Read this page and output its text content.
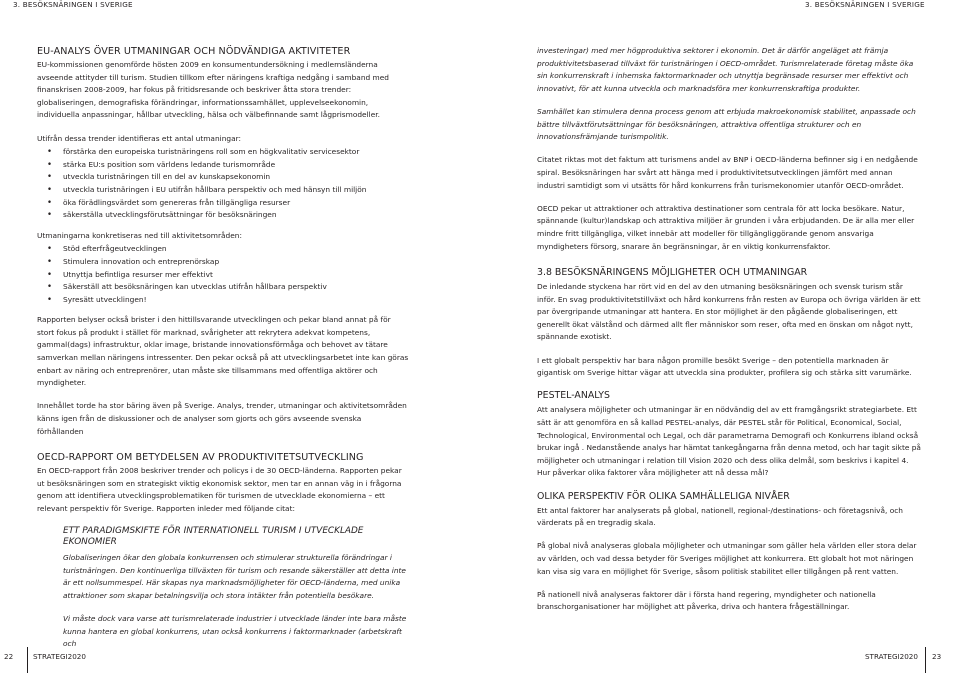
3. BESÖKSNÄRINGEN I SVERIGE	3. BESÖKSNÄRINGEN I SVERIGE
EU-ANALYS ÖVER UTMANINGAR OCH NÖDVÄNDIGA AKTIVITETER

EU-kommissionen genomförde hösten 2009 en konsumentundersökning i medlemsländerna avseende attityder till turism. Studien tillkom efter näringens kraftiga nedgång i samband med finanskrisen 2008-2009, har fokus på fritidsresande och beskriver åtta stora trender: globaliseringen, demografiska förändringar, informationssamhället, upplevelseekonomin, individuella anpassningar, hållbar utveckling, hälsa och välbefinnande samt lågprismodeller.

Utifrån dessa trender identifieras ett antal utmaningar:

• förstärka den europeiska turistnäringens roll som en högkvalitativ servicesektor
• stärka EU:s position som världens ledande turismområde
• utveckla turistnäringen till en del av kunskapsekonomin
• utveckla turistnäringen i EU utifrån hållbara perspektiv och med hänsyn till miljön
• öka förädlingsvärdet som genereras från tillgängliga resurser
• säkerställa utvecklingsförutsättningar för besöksnäringen

Utmaningarna konkretiseras ned till aktivitetsområden:

• Stöd efterfrågeutvecklingen
• Stimulera innovation och entreprenörskap
• Utnyttja befintliga resurser mer effektivt
• Säkerställ att besöksnäringen kan utvecklas utifrån hållbara perspektiv
• Syresätt utvecklingen!

Rapporten belyser också brister i den hittillsvarande utvecklingen och pekar bland annat på för stort fokus på produkt i stället för marknad, svårigheter att rekrytera adekvat kompetens, gammal(dags) infrastruktur, oklar image, bristande innovationsförmåga och behovet av tätare samverkan mellan näringens intressenter. Den pekar också på att utvecklingsarbetet inte kan göras enbart av näring och entreprenörer, utan måste ske tillsammans med offentliga aktörer och myndigheter.

Innehållet torde ha stor bäring även på Sverige. Analys, trender, utmaningar och aktivitetsområden känns igen från de diskussioner och de analyser som gjorts och görs avseende svenska förhållanden

OECD-RAPPORT OM BETYDELSEN AV PRODUKTIVITETSUTVECKLING

En OECD-rapport från 2008 beskriver trender och policys i de 30 OECD-länderna. Rapporten pekar ut besöksnäringen som en strategiskt viktig ekonomisk sektor, men tar en annan väg in i frågorna genom att identifiera utvecklingsproblematiken för turismen de utvecklade ekonomierna – ett relevant perspektiv för Sverige. Rapporten inleder med följande citat:

ETT PARADIGMSKIFTE FÖR INTERNATIONELL TURISM I UTVECKLADE EKONOMIER

Globaliseringen ökar den globala konkurrensen och stimulerar strukturella förändringar i turistnäringen. Den kontinuerliga tillväxten för turism och resande säkerställer att detta inte är ett nollsummespel. Här skapas nya marknadsmöjligheter för OECD-länderna, med unika attraktioner som skapar betalningsvilja och stora intäkter från potentiella besökare.

Vi måste dock vara varse att turismrelaterade industrier i utvecklade länder inte bara måste kunna hantera en global konkurrens, utan också konkurrens i faktormarknader (arbetskraft och

investeringar) med mer högproduktiva sektorer i ekonomin. Det är därför angeläget att främja produktivitetsbaserad tillväxt för turistnäringen i OECD-området. Turismrelaterade företag måste öka sin konkurrenskraft i inhemska faktormarknader och utnyttja begränsade resurser mer effektivt och innovativt, för att kunna utveckla och marknadsföra mer konkurrenskraftiga produkter.

Samhället kan stimulera denna process genom att erbjuda makroekonomisk stabilitet, anpassade och bättre tillväxtförutsättningar för besöksnäringen, attraktiva offentliga strukturer och en innovationsfrämjande turismpolitik.

Citatet riktas mot det faktum att turismens andel av BNP i OECD-länderna befinner sig i en nedgående spiral. Besöksnäringen har svårt att hänga med i produktivitetsutvecklingen jämfört med annan industri samtidigt som vi utsätts för hård konkurrens från turismekonomier utanför OECD-området.

OECD pekar ut attraktioner och attraktiva destinationer som centrala för att locka besökare. Natur, spännande (kultur)landskap och attraktiva miljöer är grunden i våra erbjudanden. De är alla mer eller mindre fritt tillgängliga, vilket innebär att modeller för tillgängliggörande genom ansvariga myndigheters försorg, snarare än begränsningar, är en viktig konkurrensfaktor.

3.8 BESÖKSNÄRINGENS MÖJLIGHETER OCH UTMANINGAR

De inledande styckena har rört vid en del av den utmaning besöksnäringen och svensk turism står inför. En svag produktivitetstillväxt och hård konkurrens från resten av Europa och övriga världen är ett par övergripande utmaningar att hantera. En stor möjlighet är den pågående globaliseringen, ett generellt ökat välstånd och därmed allt fler människor som reser, ofta med en önskan om något nytt, spännande exotiskt.

I ett globalt perspektiv har bara någon promille besökt Sverige – den potentiella marknaden är gigantisk om Sverige hittar vägar att utveckla sina produkter, profilera sig och stärka sitt varumärke.

PESTEL-ANALYS

Att analysera möjligheter och utmaningar är en nödvändig del av ett framgångsrikt strategiarbete. Ett sätt är att genomföra en så kallad PESTEL-analys, där PESTEL står för Political, Economical, Social, Technological, Environmental och Legal, och där parametrarna Demografi och Konkurrens ibland också brukar ingå . Nedanstående analys har hämtat tankegångarna från denna metod, och har tagit sikte på möjligheter och utmaningar i relation till Vision 2020 och dess olika delmål, som beskrivs i kapitel 4. Hur påverkar olika faktorer våra möjligheter att nå dessa mål?

OLIKA PERSPEKTIV FÖR OLIKA SAMHÄLLELIGA NIVÅER

Ett antal faktorer har analyserats på global, nationell, regional-/destinations- och företagsnivå, och värderats på en tregradig skala.

På global nivå analyseras globala möjligheter och utmaningar som gäller hela världen eller stora delar av världen, och vad dessa betyder för Sveriges möjlighet att konkurrera. Ett globalt hot mot näringen kan visa sig vara en möjlighet för Sverige, såsom politisk stabilitet eller tillgången på rent vatten.

På nationell nivå analyseras faktorer där i första hand regering, myndigheter och nationella branschorganisationer har möjlighet att påverka, driva och hantera frågeställningar.

22	STRATEGI2020	STRATEGI2020 23
